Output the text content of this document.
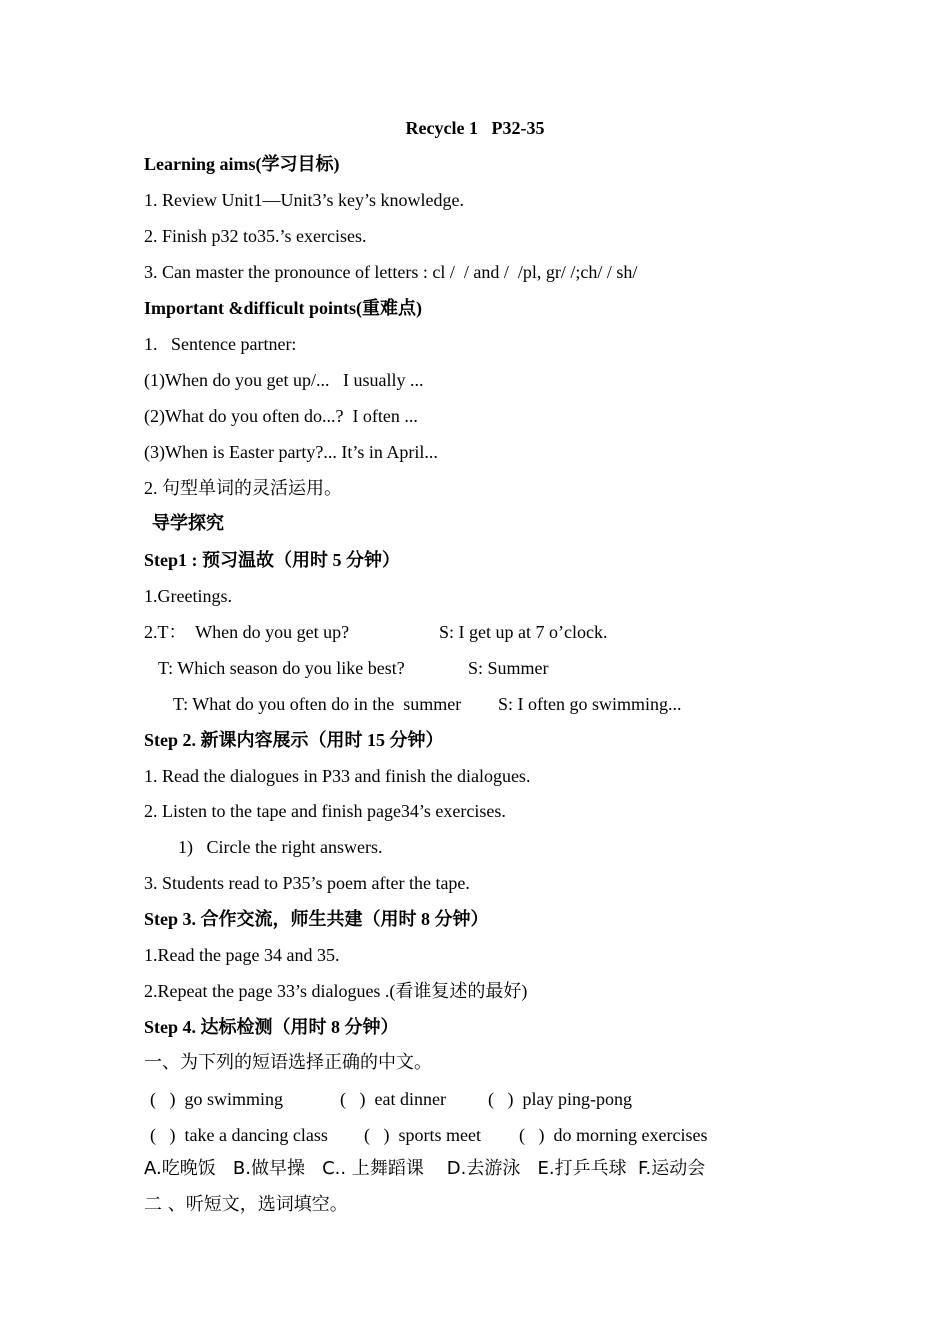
Recycle 1   P32-35
Learning aims(学习目标)
1. Review Unit1—Unit3’s key’s knowledge.
2. Finish p32 to35.’s exercises.
3. Can master the pronounce of letters : cl /  / and /  /pl, gr/ /;ch/ / sh/
Important &difficult points(重难点)
1.   Sentence partner:
(1)When do you get up/...   I usually ...
(2)What do you often do...?  I often ...
(3)When is Easter party?... It’s in April...
2. 句型单词的灵活运用。
导学探究
Step1 : 预习温故（用时 5 分钟）
1.Greetings.
2.T：  When do you get up?	S: I get up at 7 o’clock.
T: Which season do you like best?	S: Summer
T: What do you often do in the  summer S: I often go swimming...
Step 2. 新课内容展示（用时 15 分钟）
1. Read the dialogues in P33 and finish the dialogues.
2. Listen to the tape and finish page34’s exercises.
1)   Circle the right answers.
3. Students read to P35’s poem after the tape.
Step 3. 合作交流，师生共建（用时 8 分钟）
1.Read the page 34 and 35.
2.Repeat the page 33’s dialogues .(看谁复述的最好)
Step 4. 达标检测（用时 8 分钟）
一、为下列的短语选择正确的中文。
(   )  go swimming	(   )  eat dinner (   )  play ping-pong
(   )  take a dancing class (   )  sports meet (   )  do morning exercises
A.吃晚饭   B.做早操   C.. 上舞蹈课    D.去游泳   E.打乒乓球  F.运动会
二 、听短文，选词填空。
